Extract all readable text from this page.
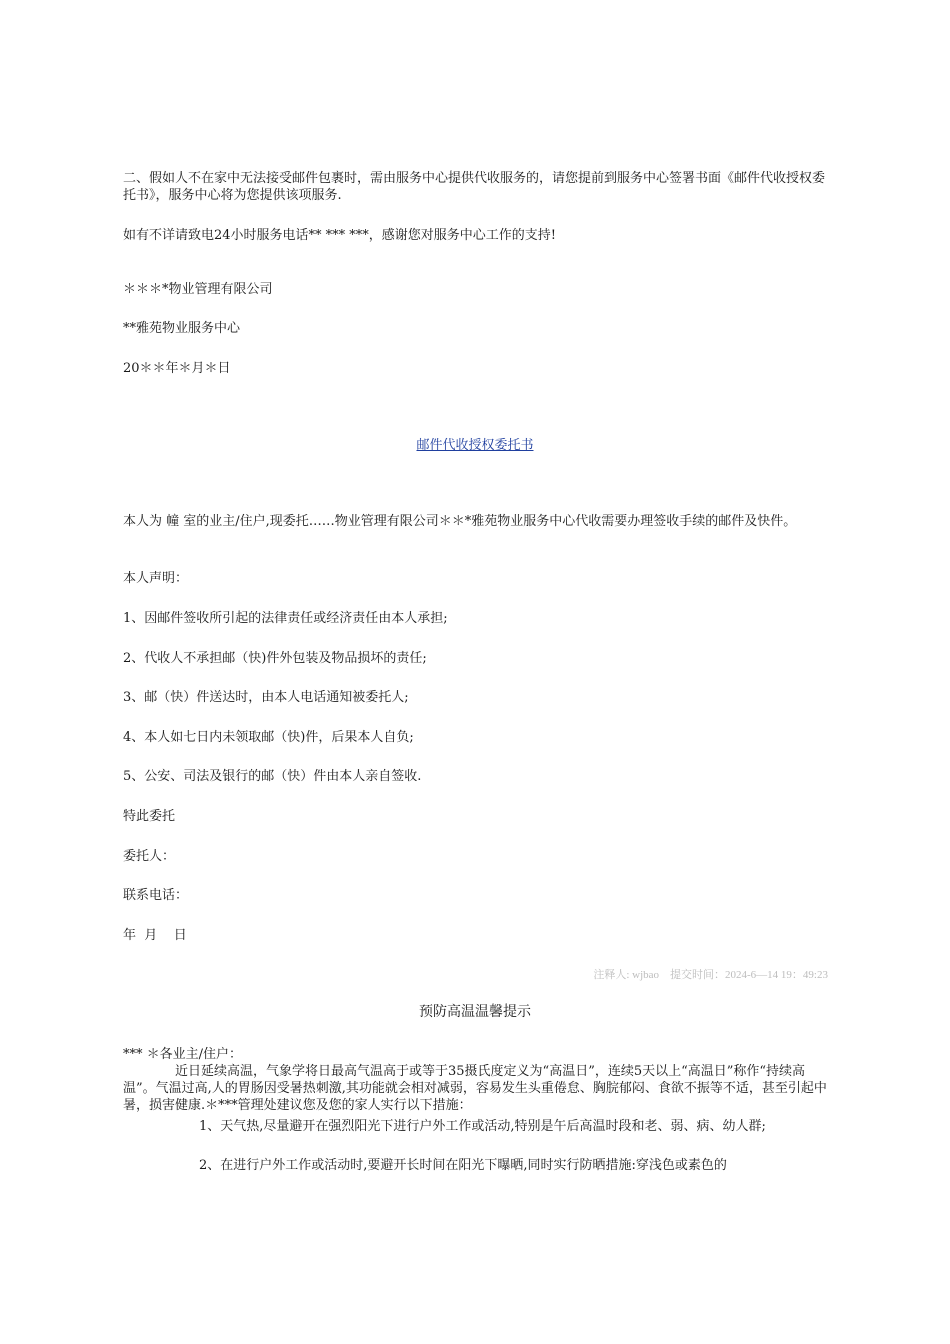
二、假如人不在家中无法接受邮件包裹时，需由服务中心提供代收服务的，请您提前到服务中心签署书面《邮件代收授权委托书》，服务中心将为您提供该项服务.
如有不详请致电24小时服务电话** *** ***，感谢您对服务中心工作的支持!
＊＊＊*物业管理有限公司
**雅苑物业服务中心
20＊＊年＊月＊日
邮件代收授权委托书
本人为 幢 室的业主/住户,现委托……物业管理有限公司＊＊*雅苑物业服务中心代收需要办理签收手续的邮件及快件。
本人声明：
1、因邮件签收所引起的法律责任或经济责任由本人承担;
2、代收人不承担邮（快)件外包装及物品损坏的责任;
3、邮（快）件送达时，由本人电话通知被委托人;
4、本人如七日内未领取邮（快)件，后果本人自负;
5、公安、司法及银行的邮（快）件由本人亲自签收.
特此委托
委托人：
联系电话：
年  月    日
注释人: wjbao    提交时间：2024-6—14 19：49:23
预防高温温馨提示
*** ＊各业主/住户：
近日延续高温，气象学将日最高气温高于或等于35摄氏度定义为“高温日”，连续5天以上“高温日”称作“持续高温”。气温过高,人的胃肠因受暑热刺激,其功能就会相对减弱，容易发生头重倦怠、胸脘郁闷、食欲不振等不适，甚至引起中暑，损害健康.＊***管理处建议您及您的家人实行以下措施：
1、天气热,尽量避开在强烈阳光下进行户外工作或活动,特别是午后高温时段和老、弱、病、幼人群;
2、在进行户外工作或活动时,要避开长时间在阳光下曝晒,同时实行防晒措施:穿浅色或素色的
